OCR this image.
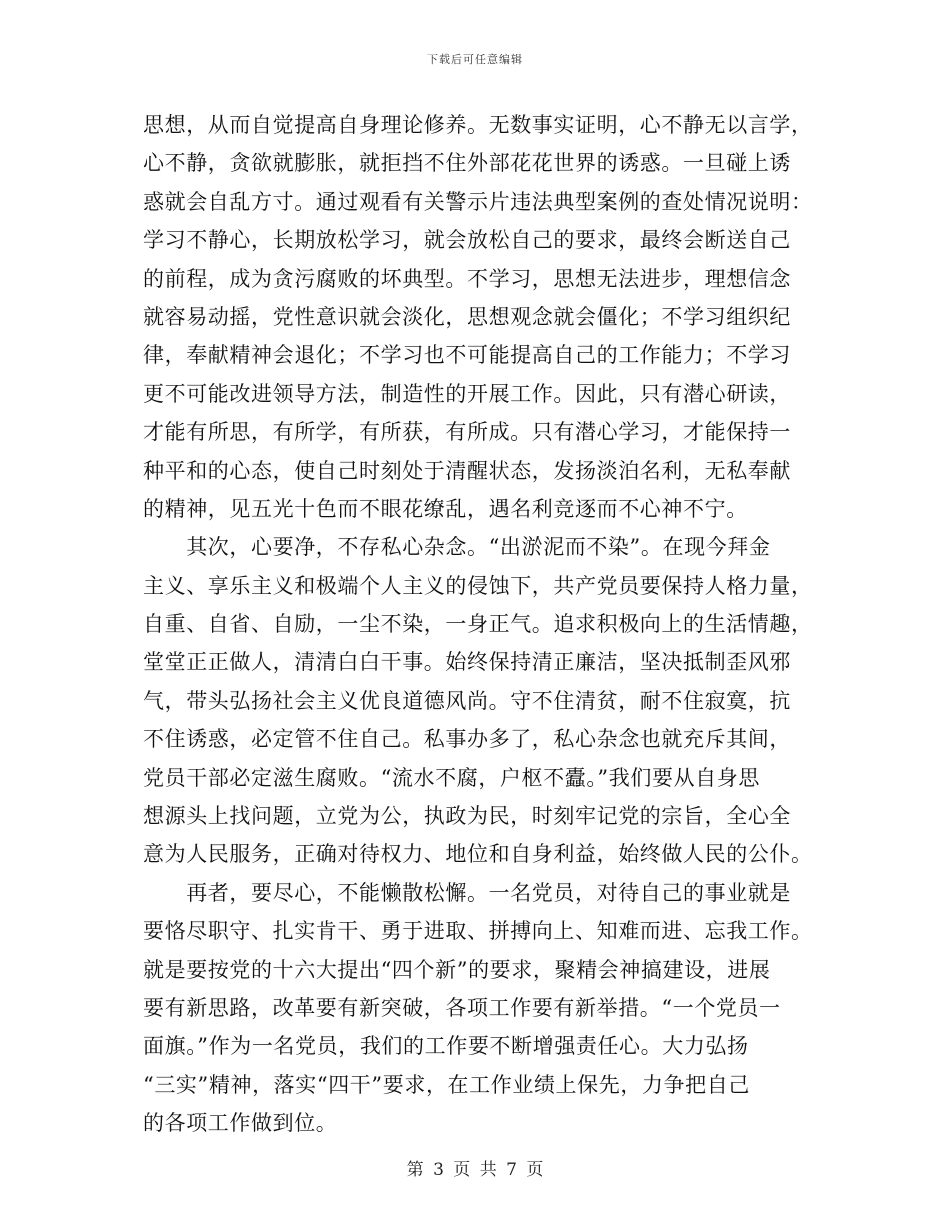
下载后可任意编辑
思想，从而自觉提高自身理论修养。无数事实证明，心不静无以言学，
心不静，贪欲就膨胀，就拒挡不住外部花花世界的诱惑。一旦碰上诱
惑就会自乱方寸。通过观看有关警示片违法典型案例的查处情况说明：
学习不静心，长期放松学习，就会放松自己的要求，最终会断送自己
的前程，成为贪污腐败的坏典型。不学习，思想无法进步，理想信念
就容易动摇，党性意识就会淡化，思想观念就会僵化；不学习组织纪
律，奉献精神会退化；不学习也不可能提高自己的工作能力；不学习
更不可能改进领导方法，制造性的开展工作。因此，只有潜心研读，
才能有所思，有所学，有所获，有所成。只有潜心学习，才能保持一
种平和的心态，使自己时刻处于清醒状态，发扬淡泊名利，无私奉献
的精神，见五光十色而不眼花缭乱，遇名利竞逐而不心神不宁。
　　其次，心要净，不存私心杂念。“出淤泥而不染”。在现今拜金
主义、享乐主义和极端个人主义的侵蚀下，共产党员要保持人格力量，
自重、自省、自励，一尘不染，一身正气。追求积极向上的生活情趣，
堂堂正正做人，清清白白干事。始终保持清正廉洁，坚决抵制歪风邪
气，带头弘扬社会主义优良道德风尚。守不住清贫，耐不住寂寞，抗
不住诱惑，必定管不住自己。私事办多了，私心杂念也就充斥其间，
党员干部必定滋生腐败。“流水不腐，户枢不蠹。”我们要从自身思
想源头上找问题，立党为公，执政为民，时刻牢记党的宗旨，全心全
意为人民服务，正确对待权力、地位和自身利益，始终做人民的公仆。
　　再者，要尽心，不能懒散松懈。一名党员，对待自己的事业就是
要恪尽职守、扎实肯干、勇于进取、拼搏向上、知难而进、忘我工作。
就是要按党的十六大提出“四个新”的要求，聚精会神搞建设，进展
要有新思路，改革要有新突破，各项工作要有新举措。“一个党员一
面旗。”作为一名党员，我们的工作要不断增强责任心。大力弘扬
“三实”精神，落实“四干”要求，在工作业绩上保先，力争把自己
的各项工作做到位。
第 3 页 共 7 页
